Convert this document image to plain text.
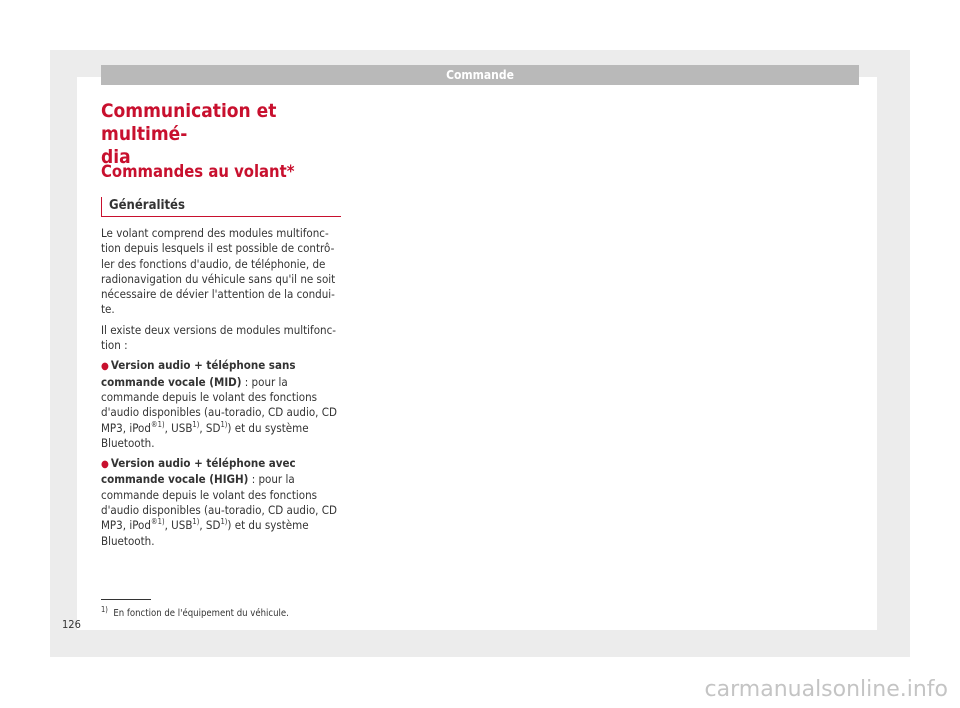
Commande
Communication et multimé-
dia
Commandes au volant*
Généralités

Le volant comprend des modules multifonc-tion depuis lesquels il est possible de contrô-ler des fonctions d'audio, de téléphonie, de radionavigation du véhicule sans qu'il ne soit nécessaire de dévier l'attention de la condui-te.

Il existe deux versions de modules multifonc-tion :

● Version audio + téléphone sans commande vocale (MID) : pour la commande depuis le volant des fonctions d'audio disponibles (au-toradio, CD audio, CD MP3, iPod$^{®1)}$, USB$^{1)}$, SD$^{1)}$) et du système Bluetooth.

● Version audio + téléphone avec commande vocale (HIGH) : pour la commande depuis le volant des fonctions d'audio disponibles (au-toradio, CD audio, CD MP3, iPod$^{®1)}$, USB$^{1)}$, SD$^{1)}$) et du système Bluetooth.

$^{1)}$ En fonction de l'équipement du véhicule.
126
carmanualsonline.info
